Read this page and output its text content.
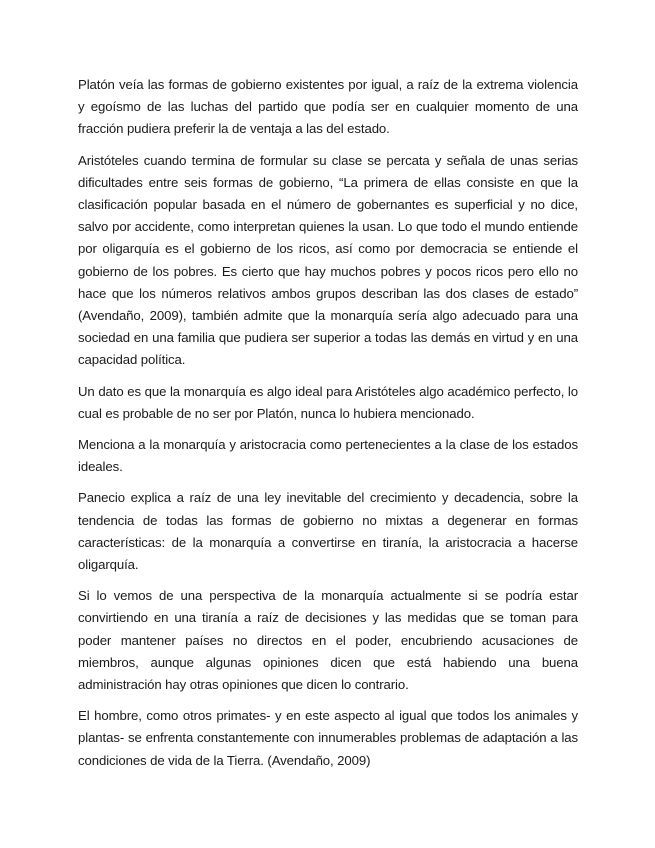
Platón veía las formas de gobierno existentes por igual, a raíz de la extrema violencia y egoísmo de las luchas del partido que podía ser en cualquier momento de una fracción pudiera preferir la de ventaja a las del estado.

Aristóteles cuando termina de formular su clase se percata y señala de unas serias dificultades entre seis formas de gobierno, “La primera de ellas consiste en que la clasificación popular basada en el número de gobernantes es superficial y no dice, salvo por accidente, como interpretan quienes la usan. Lo que todo el mundo entiende por oligarquía es el gobierno de los ricos, así como por democracia se entiende el gobierno de los pobres. Es cierto que hay muchos pobres y pocos ricos pero ello no hace que los números relativos ambos grupos describan las dos clases de estado” (Avendaño, 2009), también admite que la monarquía sería algo adecuado para una sociedad en una familia que pudiera ser superior a todas las demás en virtud y en una capacidad política.

Un dato es que la monarquía es algo ideal para Aristóteles algo académico perfecto, lo cual es probable de no ser por Platón, nunca lo hubiera mencionado.

Menciona a la monarquía y aristocracia como pertenecientes a la clase de los estados ideales.

Panecio explica a raíz de una ley inevitable del crecimiento y decadencia, sobre la tendencia de todas las formas de gobierno no mixtas a degenerar en formas características: de la monarquía a convertirse en tiranía, la aristocracia a hacerse oligarquía.

Si lo vemos de una perspectiva de la monarquía actualmente si se podría estar convirtiendo en una tiranía a raíz de decisiones y las medidas que se toman para poder mantener países no directos en el poder, encubriendo acusaciones de miembros, aunque algunas opiniones dicen que está habiendo una buena administración hay otras opiniones que dicen lo contrario.

El hombre, como otros primates- y en este aspecto al igual que todos los animales y plantas- se enfrenta constantemente con innumerables problemas de adaptación a las condiciones de vida de la Tierra. (Avendaño, 2009)
